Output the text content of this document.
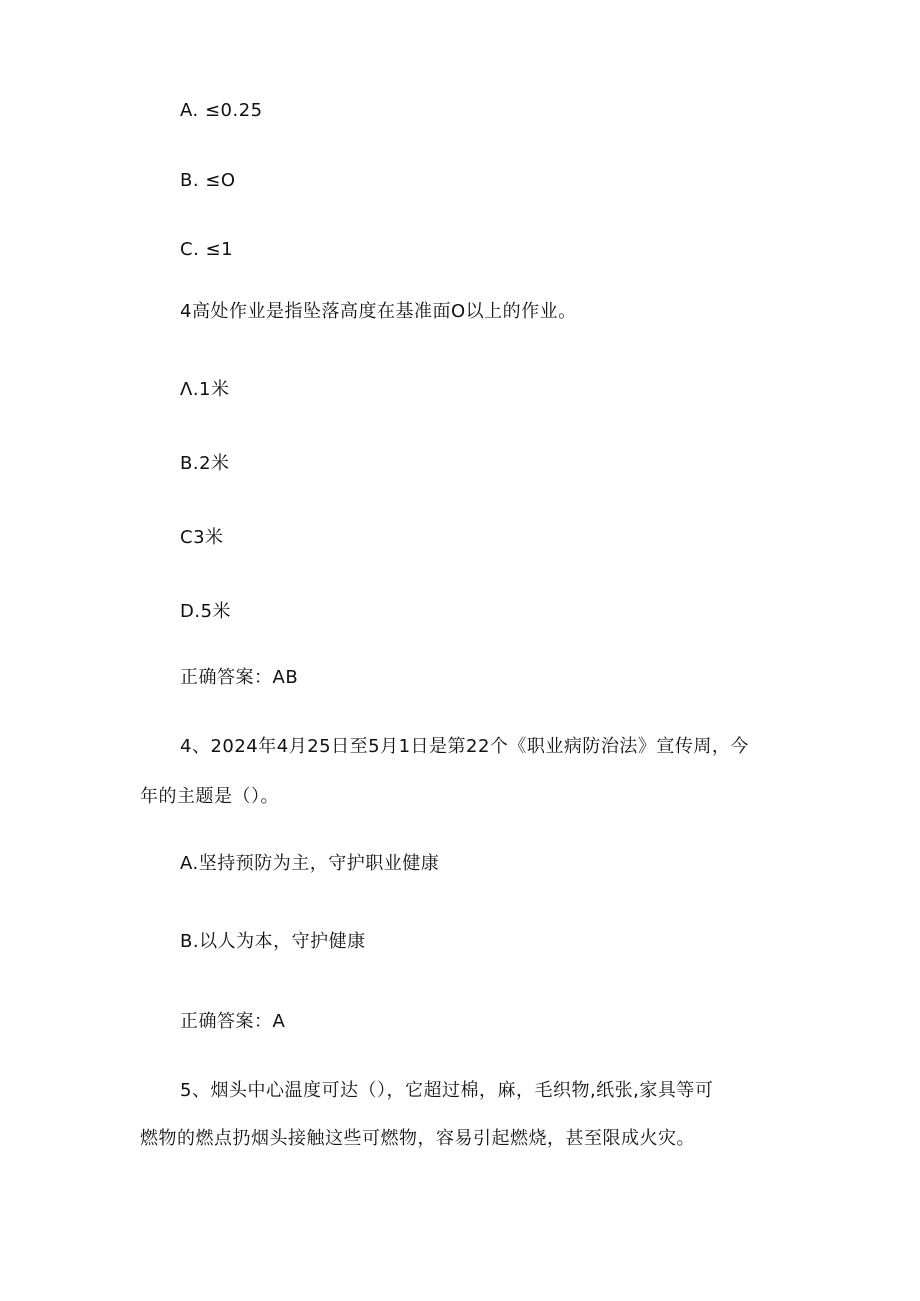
A. ≤0.25
B. ≤O
C. ≤1
4高处作业是指坠落高度在基准面O以上的作业。
Λ.1米
B.2米
C3米
D.5米
正确答案：AB
4、2024年4月25日至5月1日是第22个《职业病防治法》宣传周，今
年的主题是（）。
A.坚持预防为主，守护职业健康
B.以人为本，守护健康
正确答案：A
5、烟头中心温度可达（），它超过棉，麻，毛织物,纸张,家具等可
燃物的燃点扔烟头接触这些可燃物，容易引起燃烧，甚至限成火灾。
